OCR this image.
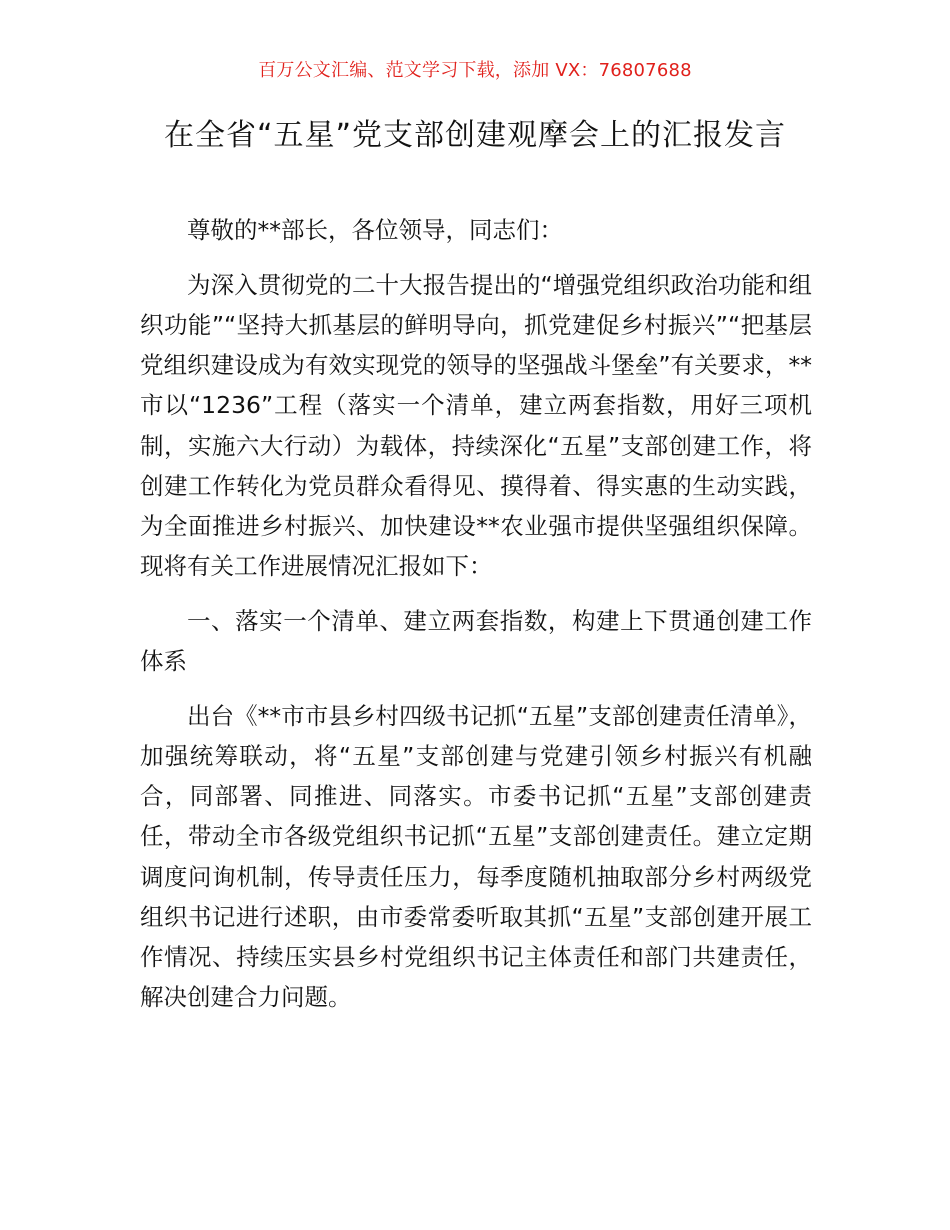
百万公文汇编、范文学习下载，添加 VX：76807688
在全省“五星”党支部创建观摩会上的汇报发言

尊敬的**部长，各位领导，同志们：

为深入贯彻党的二十大报告提出的“增强党组织政治功能和组织功能”“坚持大抓基层的鲜明导向，抓党建促乡村振兴”“把基层党组织建设成为有效实现党的领导的坚强战斗堡垒”有关要求，**市以“1236”工程（落实一个清单，建立两套指数，用好三项机制，实施六大行动）为载体，持续深化“五星”支部创建工作，将创建工作转化为党员群众看得见、摸得着、得实惠的生动实践，为全面推进乡村振兴、加快建设**农业强市提供坚强组织保障。现将有关工作进展情况汇报如下：

一、落实一个清单、建立两套指数，构建上下贯通创建工作体系

出台《**市市县乡村四级书记抓“五星”支部创建责任清单》，加强统筹联动，将“五星”支部创建与党建引领乡村振兴有机融合，同部署、同推进、同落实。市委书记抓“五星”支部创建责任，带动全市各级党组织书记抓“五星”支部创建责任。建立定期调度问询机制，传导责任压力，每季度随机抽取部分乡村两级党组织书记进行述职，由市委常委听取其抓“五星”支部创建开展工作情况、持续压实县乡村党组织书记主体责任和部门共建责任，解决创建合力问题。
